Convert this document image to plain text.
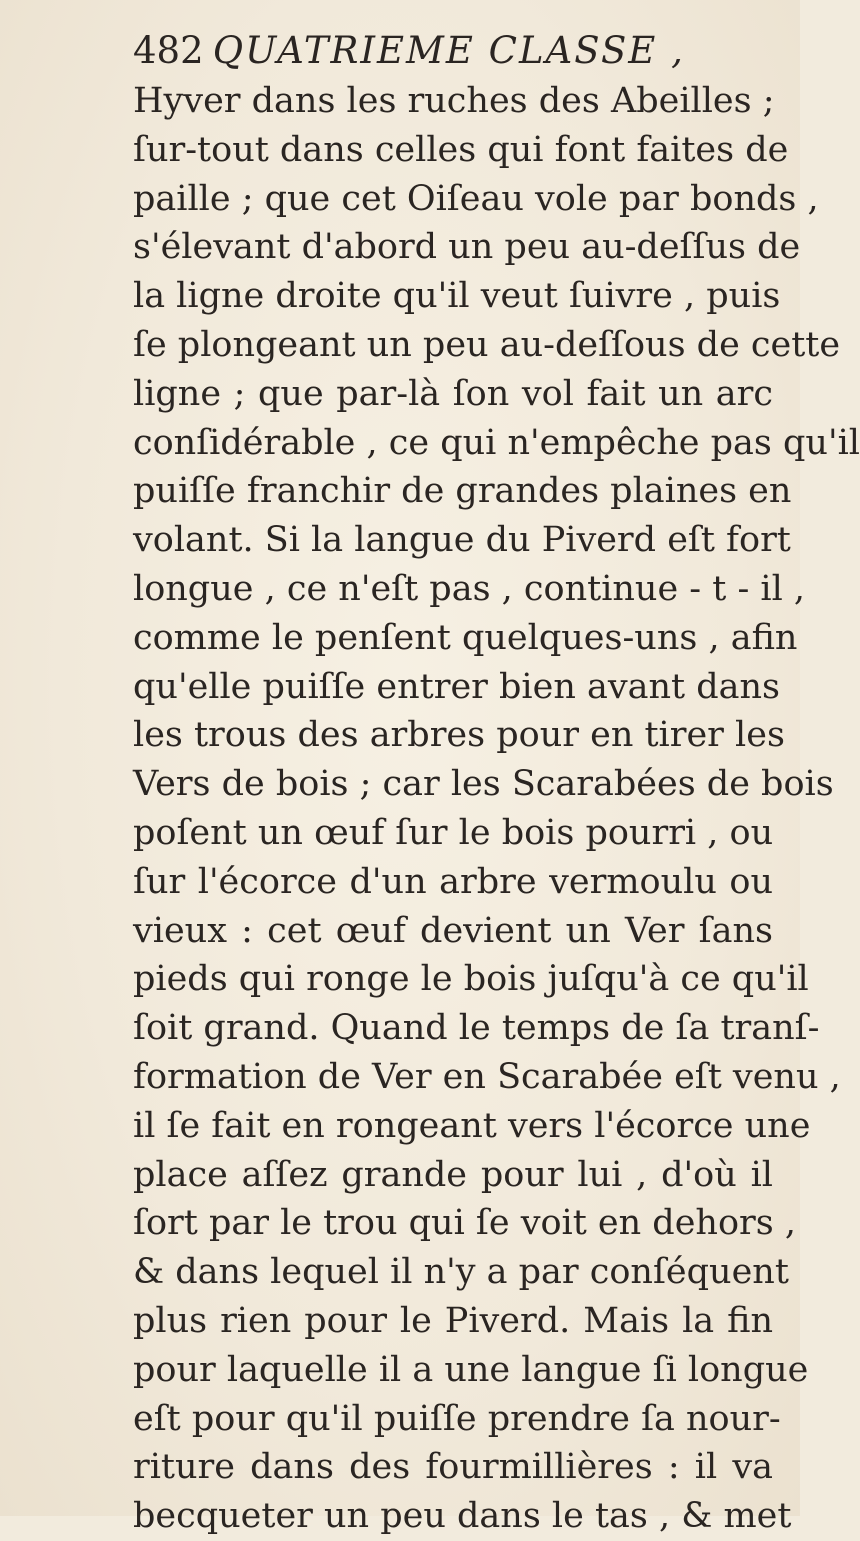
482 QUATRIEME CLASSE ,
Hyver dans les ruches des Abeilles ;
ſur-tout dans celles qui font faites de
paille ; que cet Oiſeau vole par bonds ,
s'élevant d'abord un peu au-deſſus de
la ligne droite qu'il veut ſuivre , puis
ſe plongeant un peu au-deſſous de cette
ligne ; que par-là ſon vol fait un arc
conſidérable , ce qui n'empêche pas qu'il
puiſſe franchir de grandes plaines en
volant. Si la langue du Piverd eſt fort
longue , ce n'eſt pas , continue - t - il ,
comme le penſent quelques-uns , afin
qu'elle puiſſe entrer bien avant dans
les trous des arbres pour en tirer les
Vers de bois ; car les Scarabées de bois
poſent un œuf ſur le bois pourri , ou
ſur l'écorce d'un arbre vermoulu ou
vieux : cet œuf devient un Ver ſans
pieds qui ronge le bois juſqu'à ce qu'il
ſoit grand. Quand le temps de ſa tranſ-
formation de Ver en Scarabée eſt venu ,
il ſe fait en rongeant vers l'écorce une
place aſſez grande pour lui , d'où il
ſort par le trou qui ſe voit en dehors ,
& dans lequel il n'y a par conſéquent
plus rien pour le Piverd. Mais la fin
pour laquelle il a une langue ſi longue
eſt pour qu'il puiſſe prendre ſa nour-
riture dans des fourmillières : il va
becqueter un peu dans le tas , & met
